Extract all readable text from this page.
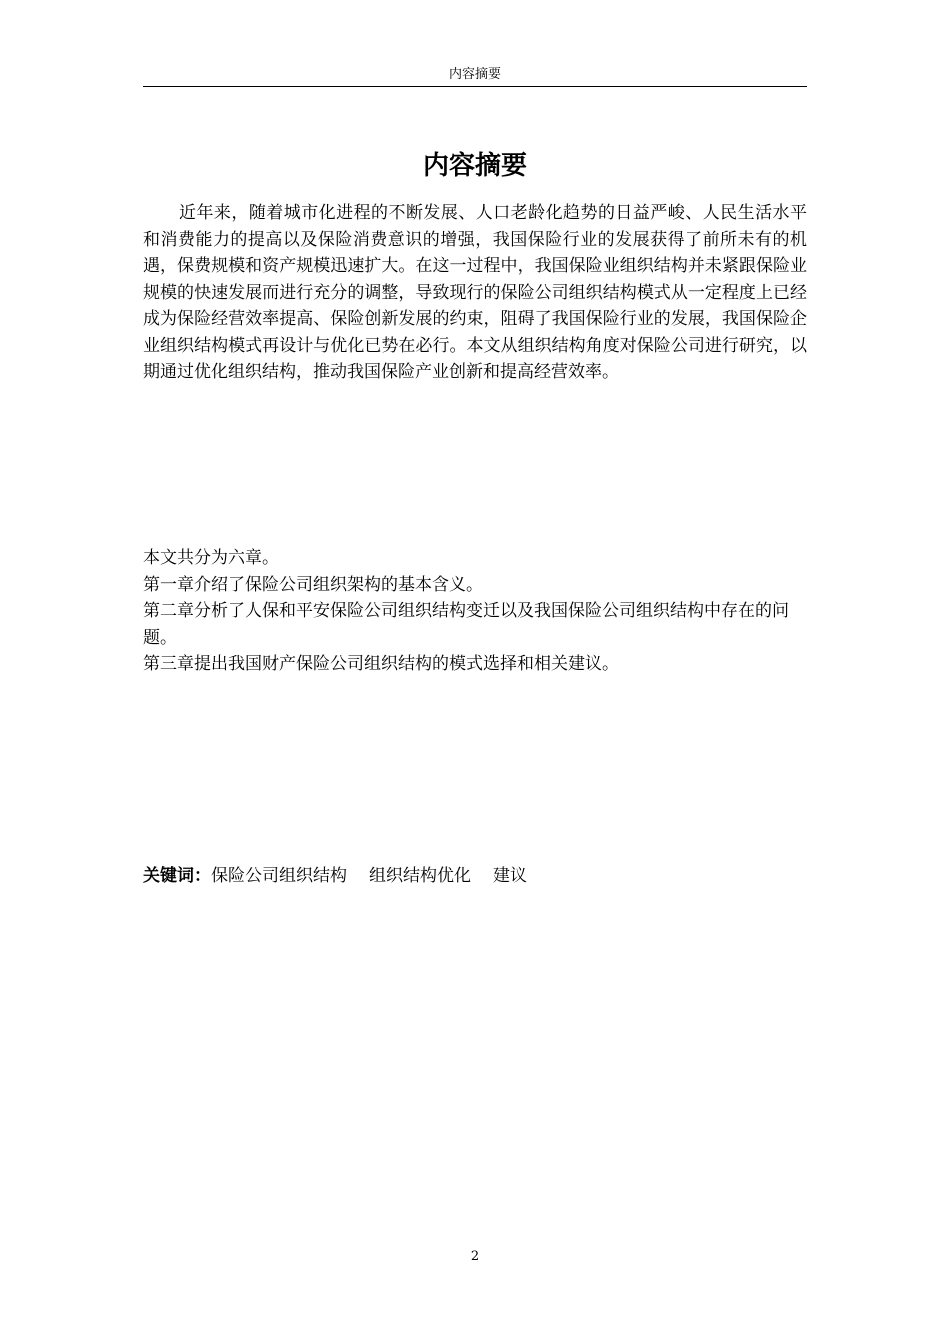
内容摘要
内容摘要

近年来，随着城市化进程的不断发展、人口老龄化趋势的日益严峻、人民生活水平和消费能力的提高以及保险消费意识的增强，我国保险行业的发展获得了前所未有的机遇，保费规模和资产规模迅速扩大。在这一过程中，我国保险业组织结构并未紧跟保险业规模的快速发展而进行充分的调整，导致现行的保险公司组织结构模式从一定程度上已经成为保险经营效率提高、保险创新发展的约束，阻碍了我国保险行业的发展，我国保险企业组织结构模式再设计与优化已势在必行。本文从组织结构角度对保险公司进行研究，以期通过优化组织结构，推动我国保险产业创新和提高经营效率。

本文共分为六章。

第一章介绍了保险公司组织架构的基本含义。

第二章分析了人保和平安保险公司组织结构变迁以及我国保险公司组织结构中存在的问题。

第三章提出我国财产保险公司组织结构的模式选择和相关建议。

关键词：保险公司组织结构 组织结构优化 建议

2
